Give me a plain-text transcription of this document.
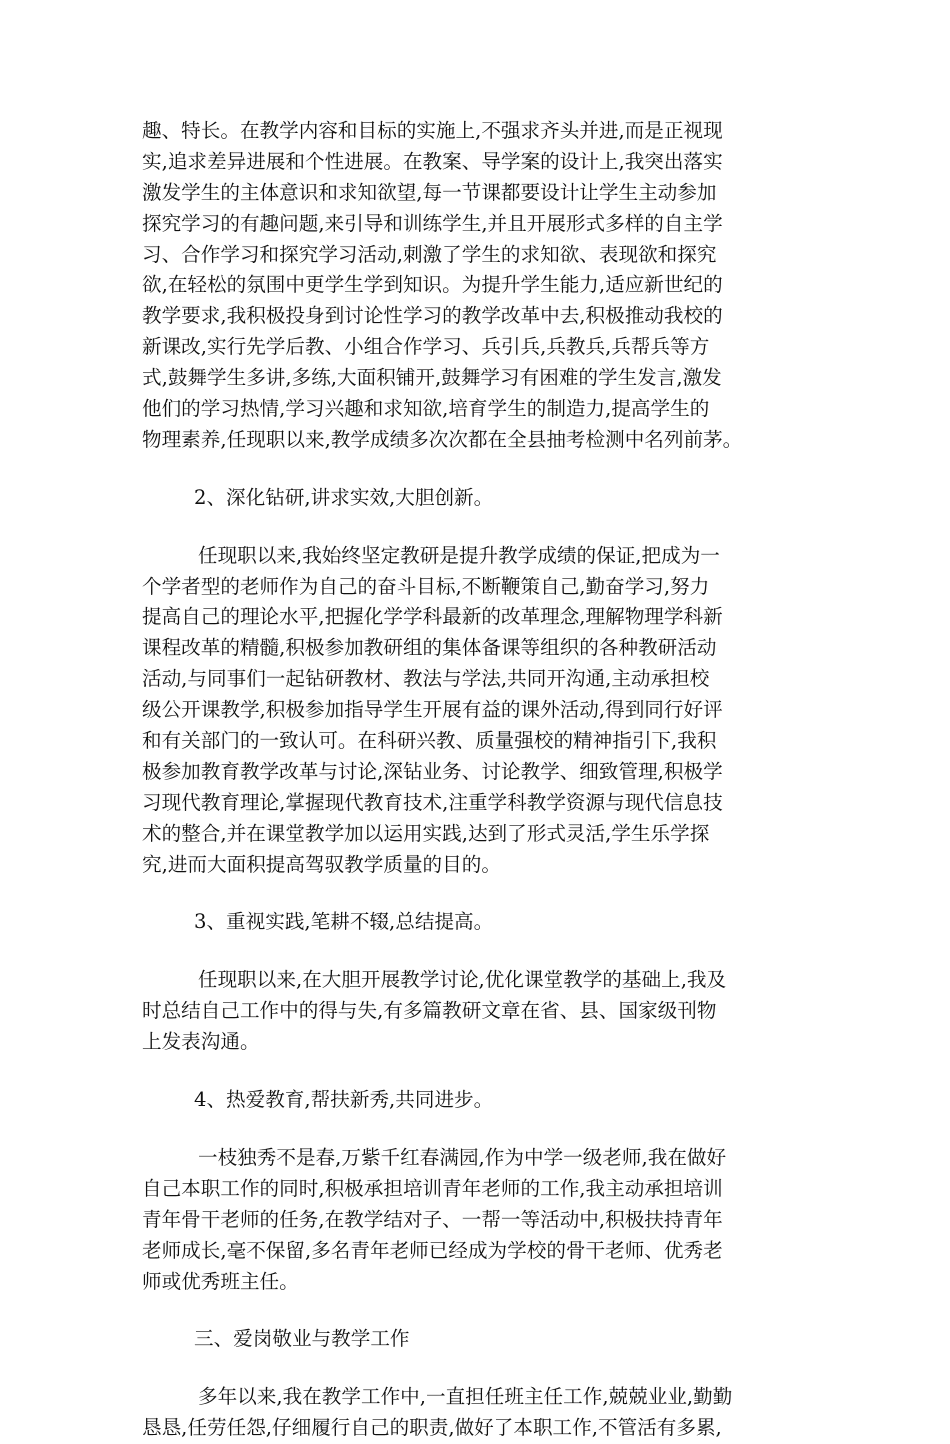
趣、特长。在教学内容和目标的实施上,不强求齐头并进,而是正视现
实,追求差异进展和个性进展。在教案、导学案的设计上,我突出落实
激发学生的主体意识和求知欲望,每一节课都要设计让学生主动参加
探究学习的有趣问题,来引导和训练学生,并且开展形式多样的自主学
习、合作学习和探究学习活动,刺激了学生的求知欲、表现欲和探究
欲,在轻松的氛围中更学生学到知识。为提升学生能力,适应新世纪的
教学要求,我积极投身到讨论性学习的教学改革中去,积极推动我校的
新课改,实行先学后教、小组合作学习、兵引兵,兵教兵,兵帮兵等方
式,鼓舞学生多讲,多练,大面积铺开,鼓舞学习有困难的学生发言,激发
他们的学习热情,学习兴趣和求知欲,培育学生的制造力,提高学生的
物理素养,任现职以来,教学成绩多次次都在全县抽考检测中名列前茅。
2、深化钻研,讲求实效,大胆创新。
任现职以来,我始终坚定教研是提升教学成绩的保证,把成为一
个学者型的老师作为自己的奋斗目标,不断鞭策自己,勤奋学习,努力
提高自己的理论水平,把握化学学科最新的改革理念,理解物理学科新
课程改革的精髓,积极参加教研组的集体备课等组织的各种教研活动
活动,与同事们一起钻研教材、教法与学法,共同开沟通,主动承担校
级公开课教学,积极参加指导学生开展有益的课外活动,得到同行好评
和有关部门的一致认可。在科研兴教、质量强校的精神指引下,我积
极参加教育教学改革与讨论,深钻业务、讨论教学、细致管理,积极学
习现代教育理论,掌握现代教育技术,注重学科教学资源与现代信息技
术的整合,并在课堂教学加以运用实践,达到了形式灵活,学生乐学探
究,进而大面积提高驾驭教学质量的目的。
3、重视实践,笔耕不辍,总结提高。
任现职以来,在大胆开展教学讨论,优化课堂教学的基础上,我及
时总结自己工作中的得与失,有多篇教研文章在省、县、国家级刊物
上发表沟通。
4、热爱教育,帮扶新秀,共同进步。
一枝独秀不是春,万紫千红春满园,作为中学一级老师,我在做好
自己本职工作的同时,积极承担培训青年老师的工作,我主动承担培训
青年骨干老师的任务,在教学结对子、一帮一等活动中,积极扶持青年
老师成长,毫不保留,多名青年老师已经成为学校的骨干老师、优秀老
师或优秀班主任。
三、爱岗敬业与教学工作
多年以来,我在教学工作中,一直担任班主任工作,兢兢业业,勤勤
恳恳,任劳任怨,仔细履行自己的职责,做好了本职工作,不管活有多累,
